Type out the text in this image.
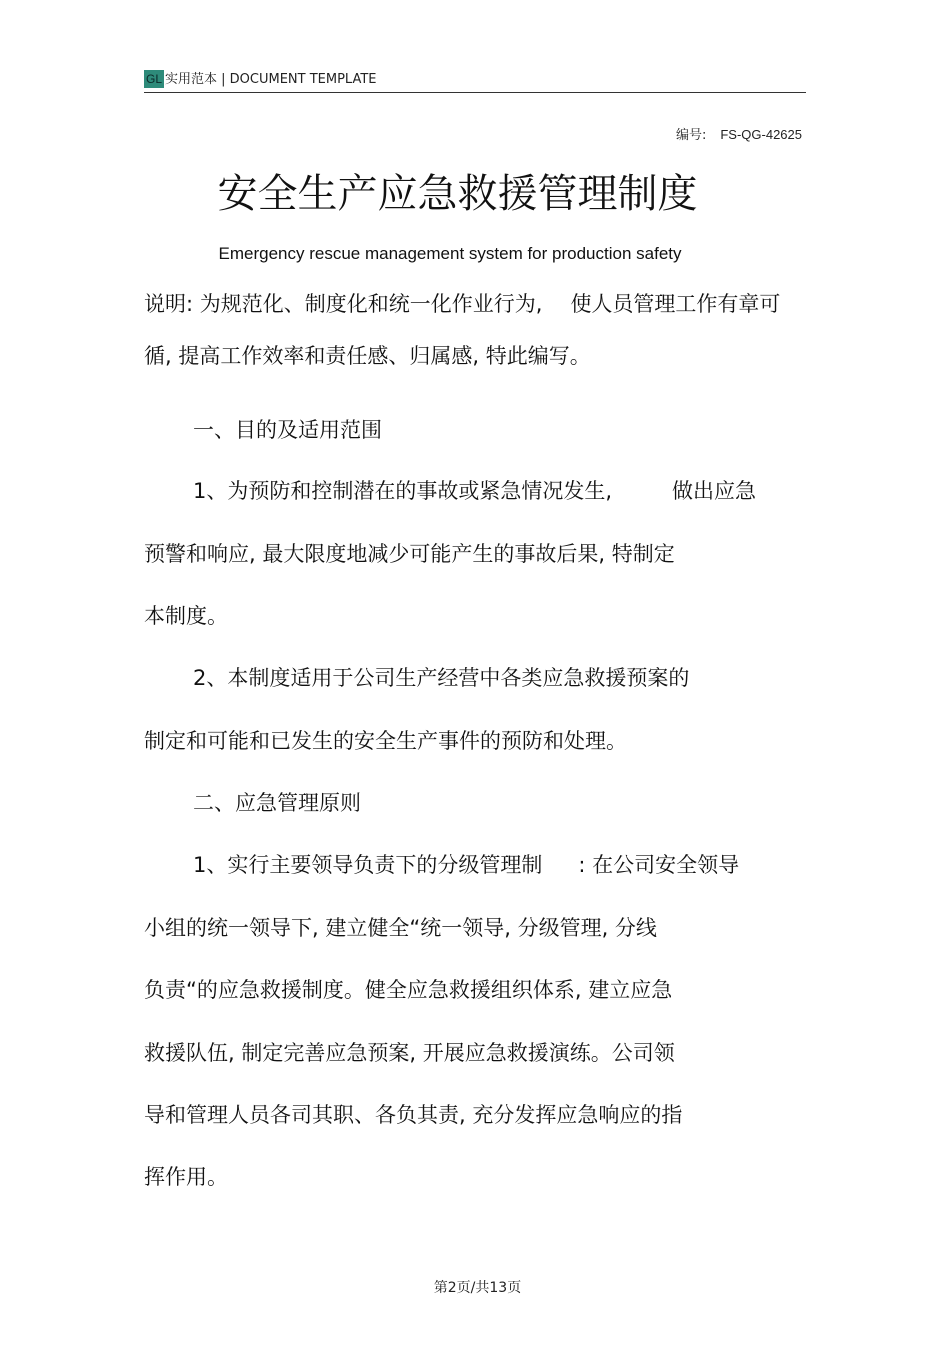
GL 实用范本 | DOCUMENT TEMPLATE
编号: FS-QG-42625
安全生产应急救援管理制度
Emergency rescue management system for production safety
说明: 为规范化、制度化和统一化作业行为, 使人员管理工作有章可
循, 提高工作效率和责任感、归属感, 特此编写。
一、目的及适用范围
1、为预防和控制潜在的事故或紧急情况发生,	做出应急
预警和响应, 最大限度地减少可能产生的事故后果, 特制定
本制度。
2、本制度适用于公司生产经营中各类应急救援预案的
制定和可能和已发生的安全生产事件的预防和处理。
二、应急管理原则
1、实行主要领导负责下的分级管理制 : 在公司安全领导
小组的统一领导下, 建立健全“统一领导, 分级管理, 分线
负责“的应急救援制度。健全应急救援组织体系, 建立应急
救援队伍, 制定完善应急预案, 开展应急救援演练。公司领
导和管理人员各司其职、各负其责, 充分发挥应急响应的指
挥作用。
第2页/共13页
